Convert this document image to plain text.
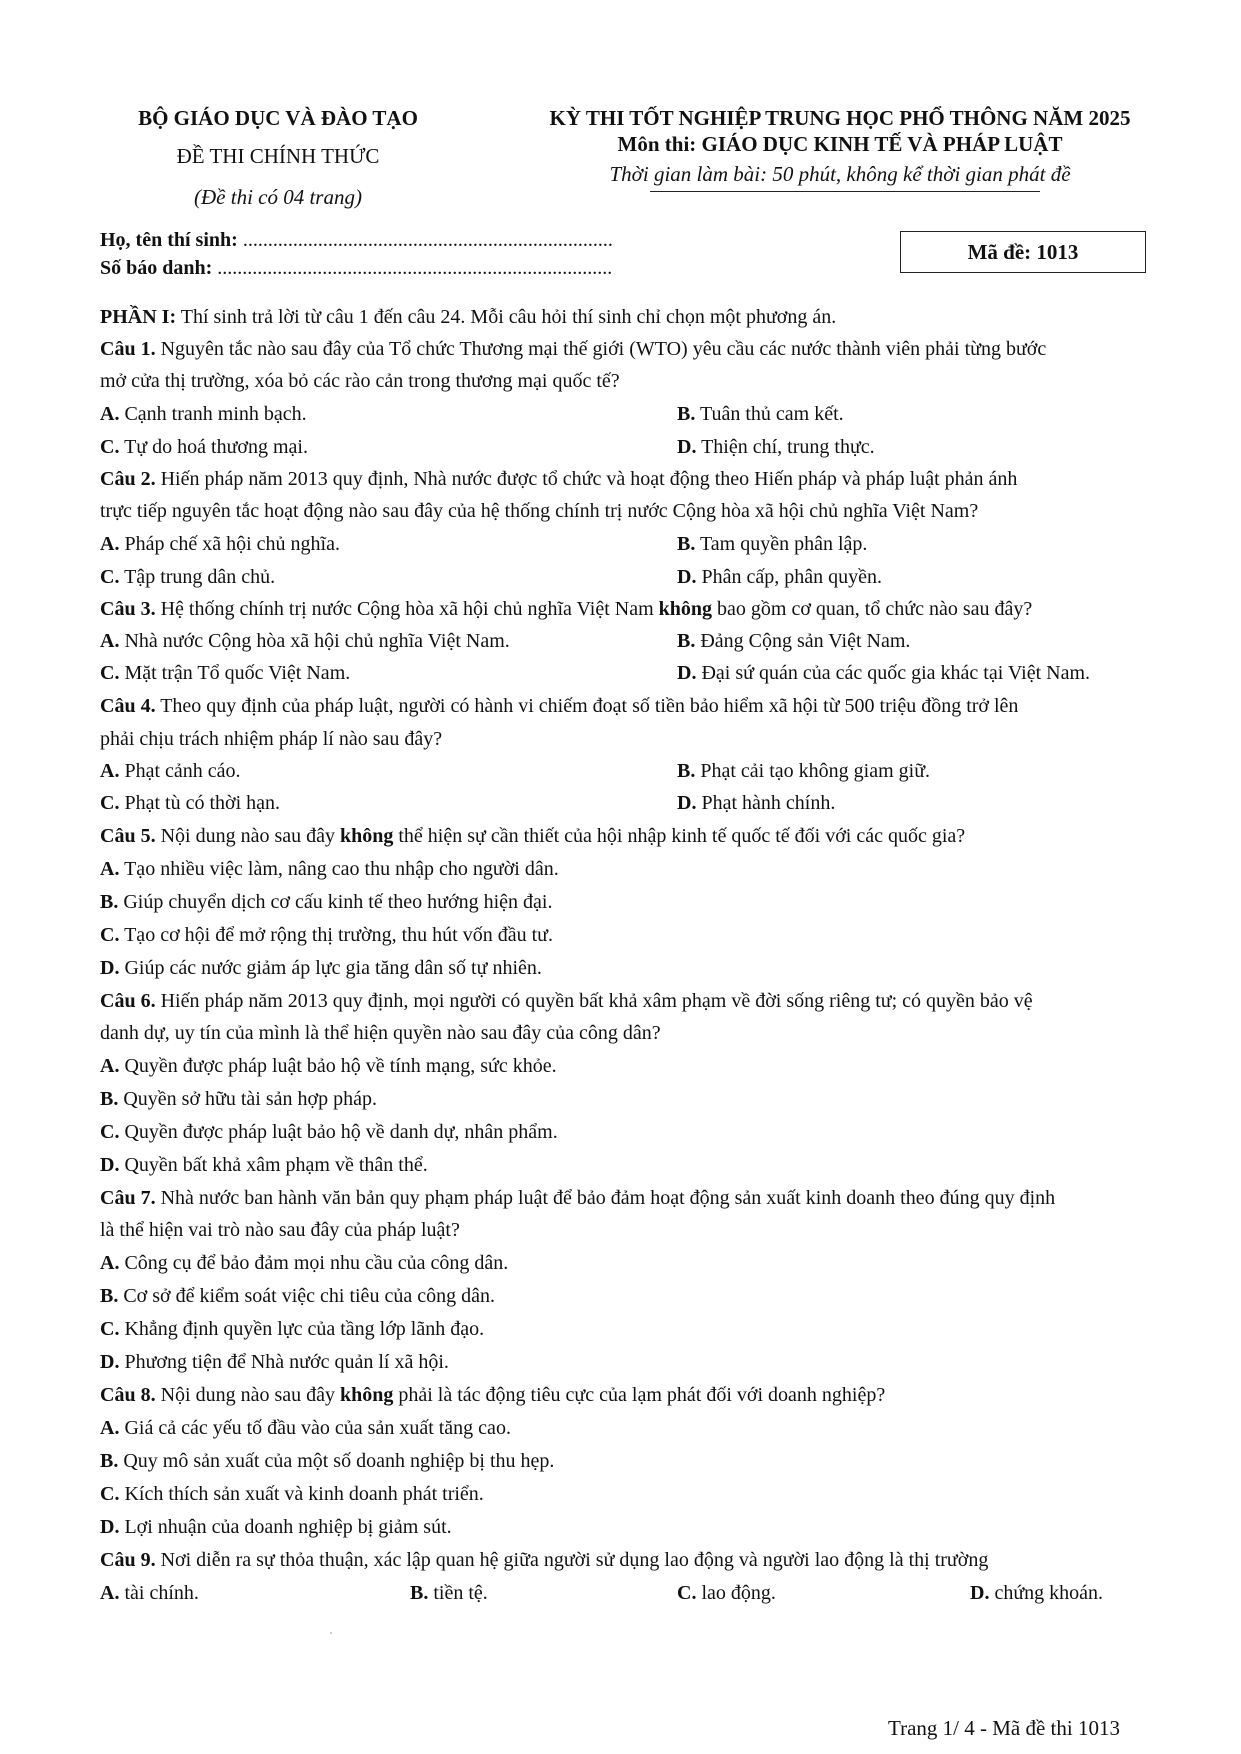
BỘ GIÁO DỤC VÀ ĐÀO TẠO
ĐỀ THI CHÍNH THỨC
(Đề thi có 04 trang)
KỲ THI TỐT NGHIỆP TRUNG HỌC PHỔ THÔNG NĂM 2025
Môn thi: GIÁO DỤC KINH TẾ VÀ PHÁP LUẬT
Thời gian làm bài: 50 phút, không kể thời gian phát đề
Họ, tên thí sinh: ..........................................................................
Số báo danh: ...............................................................................
Mã đề: 1013
PHẦN I: Thí sinh trả lời từ câu 1 đến câu 24. Mỗi câu hỏi thí sinh chỉ chọn một phương án.
Câu 1. Nguyên tắc nào sau đây của Tổ chức Thương mại thế giới (WTO) yêu cầu các nước thành viên phải từng bước
mở cửa thị trường, xóa bỏ các rào cản trong thương mại quốc tế?
A. Cạnh tranh minh bạch.	B. Tuân thủ cam kết.
C. Tự do hoá thương mại.	D. Thiện chí, trung thực.
Câu 2. Hiến pháp năm 2013 quy định, Nhà nước được tổ chức và hoạt động theo Hiến pháp và pháp luật phản ánh
trực tiếp nguyên tắc hoạt động nào sau đây của hệ thống chính trị nước Cộng hòa xã hội chủ nghĩa Việt Nam?
A. Pháp chế xã hội chủ nghĩa.	B. Tam quyền phân lập.
C. Tập trung dân chủ.	D. Phân cấp, phân quyền.
Câu 3. Hệ thống chính trị nước Cộng hòa xã hội chủ nghĩa Việt Nam không bao gồm cơ quan, tổ chức nào sau đây?
A. Nhà nước Cộng hòa xã hội chủ nghĩa Việt Nam.	B. Đảng Cộng sản Việt Nam.
C. Mặt trận Tổ quốc Việt Nam.	D. Đại sứ quán của các quốc gia khác tại Việt Nam.
Câu 4. Theo quy định của pháp luật, người có hành vi chiếm đoạt số tiền bảo hiểm xã hội từ 500 triệu đồng trở lên
phải chịu trách nhiệm pháp lí nào sau đây?
A. Phạt cảnh cáo.	B. Phạt cải tạo không giam giữ.
C. Phạt tù có thời hạn.	D. Phạt hành chính.
Câu 5. Nội dung nào sau đây không thể hiện sự cần thiết của hội nhập kinh tế quốc tế đối với các quốc gia?
A. Tạo nhiều việc làm, nâng cao thu nhập cho người dân.
B. Giúp chuyển dịch cơ cấu kinh tế theo hướng hiện đại.
C. Tạo cơ hội để mở rộng thị trường, thu hút vốn đầu tư.
D. Giúp các nước giảm áp lực gia tăng dân số tự nhiên.
Câu 6. Hiến pháp năm 2013 quy định, mọi người có quyền bất khả xâm phạm về đời sống riêng tư; có quyền bảo vệ
danh dự, uy tín của mình là thể hiện quyền nào sau đây của công dân?
A. Quyền được pháp luật bảo hộ về tính mạng, sức khỏe.
B. Quyền sở hữu tài sản hợp pháp.
C. Quyền được pháp luật bảo hộ về danh dự, nhân phẩm.
D. Quyền bất khả xâm phạm về thân thể.
Câu 7. Nhà nước ban hành văn bản quy phạm pháp luật để bảo đảm hoạt động sản xuất kinh doanh theo đúng quy định
là thể hiện vai trò nào sau đây của pháp luật?
A. Công cụ để bảo đảm mọi nhu cầu của công dân.
B. Cơ sở để kiểm soát việc chi tiêu của công dân.
C. Khẳng định quyền lực của tầng lớp lãnh đạo.
D. Phương tiện để Nhà nước quản lí xã hội.
Câu 8. Nội dung nào sau đây không phải là tác động tiêu cực của lạm phát đối với doanh nghiệp?
A. Giá cả các yếu tố đầu vào của sản xuất tăng cao.
B. Quy mô sản xuất của một số doanh nghiệp bị thu hẹp.
C. Kích thích sản xuất và kinh doanh phát triển.
D. Lợi nhuận của doanh nghiệp bị giảm sút.
Câu 9. Nơi diễn ra sự thỏa thuận, xác lập quan hệ giữa người sử dụng lao động và người lao động là thị trường
A. tài chính.	B. tiền tệ.	C. lao động.	D. chứng khoán.
Trang 1/ 4 - Mã đề thi 1013
